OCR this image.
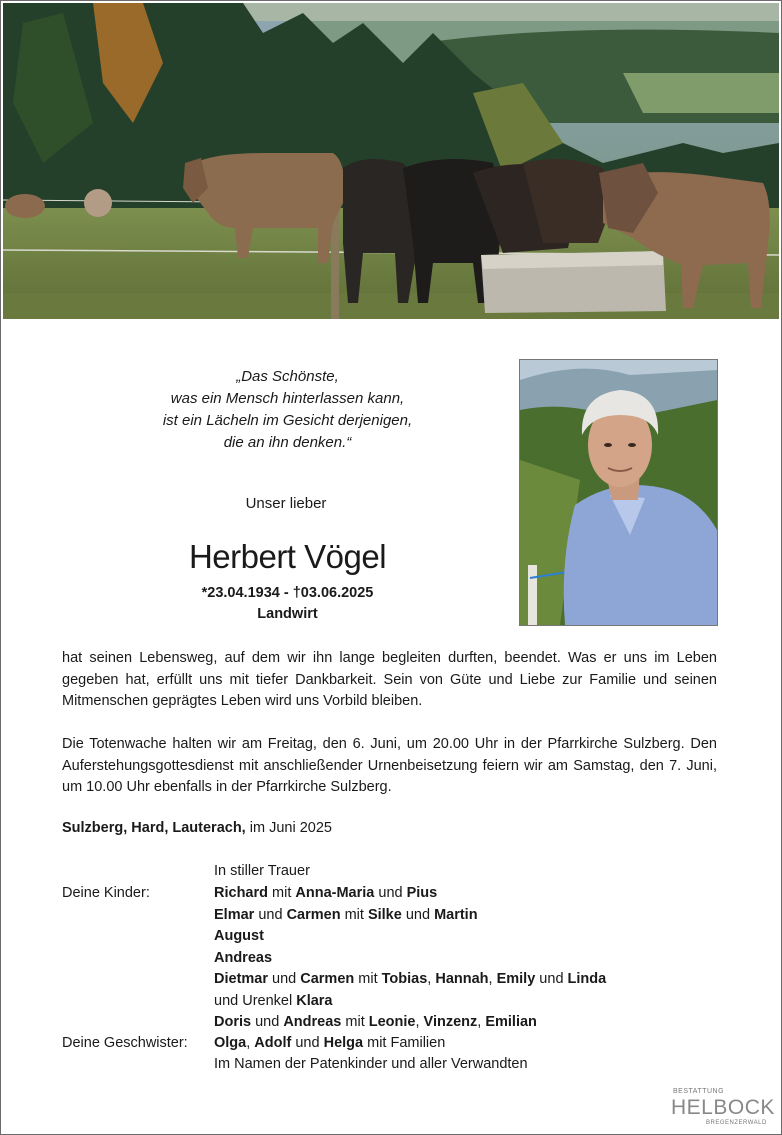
„Das Schönste,
was ein Mensch hinterlassen kann,
ist ein Lächeln im Gesicht derjenigen,
die an ihn denken.“
Unser lieber
Herbert Vögel
*23.04.1934 - †03.06.2025
Landwirt
hat seinen Lebensweg, auf dem wir ihn lange begleiten durften, beendet. Was er uns im Leben gegeben hat, erfüllt uns mit tiefer Dankbarkeit. Sein von Güte und Liebe zur Familie und seinen Mitmenschen geprägtes Leben wird uns Vorbild bleiben.
Die Totenwache halten wir am Freitag, den 6. Juni, um 20.00 Uhr in der Pfarrkirche Sulzberg. Den Auferstehungsgottesdienst mit anschließender Urnenbeisetzung feiern wir am Samstag, den 7. Juni, um 10.00 Uhr ebenfalls in der Pfarrkirche Sulzberg.
Sulzberg, Hard, Lauterach, im Juni 2025
In stiller Trauer
Deine Kinder:	Richard mit Anna-Maria und Pius
Elmar und Carmen mit Silke und Martin
August
Andreas
Dietmar und Carmen mit Tobias, Hannah, Emily und Linda
und Urenkel Klara
Doris und Andreas mit Leonie, Vinzenz, Emilian
Deine Geschwister: Olga, Adolf und Helga mit Familien
Im Namen der Patenkinder und aller Verwandten
BESTATTUNG
HELBOCK
BREGENZERWALD
